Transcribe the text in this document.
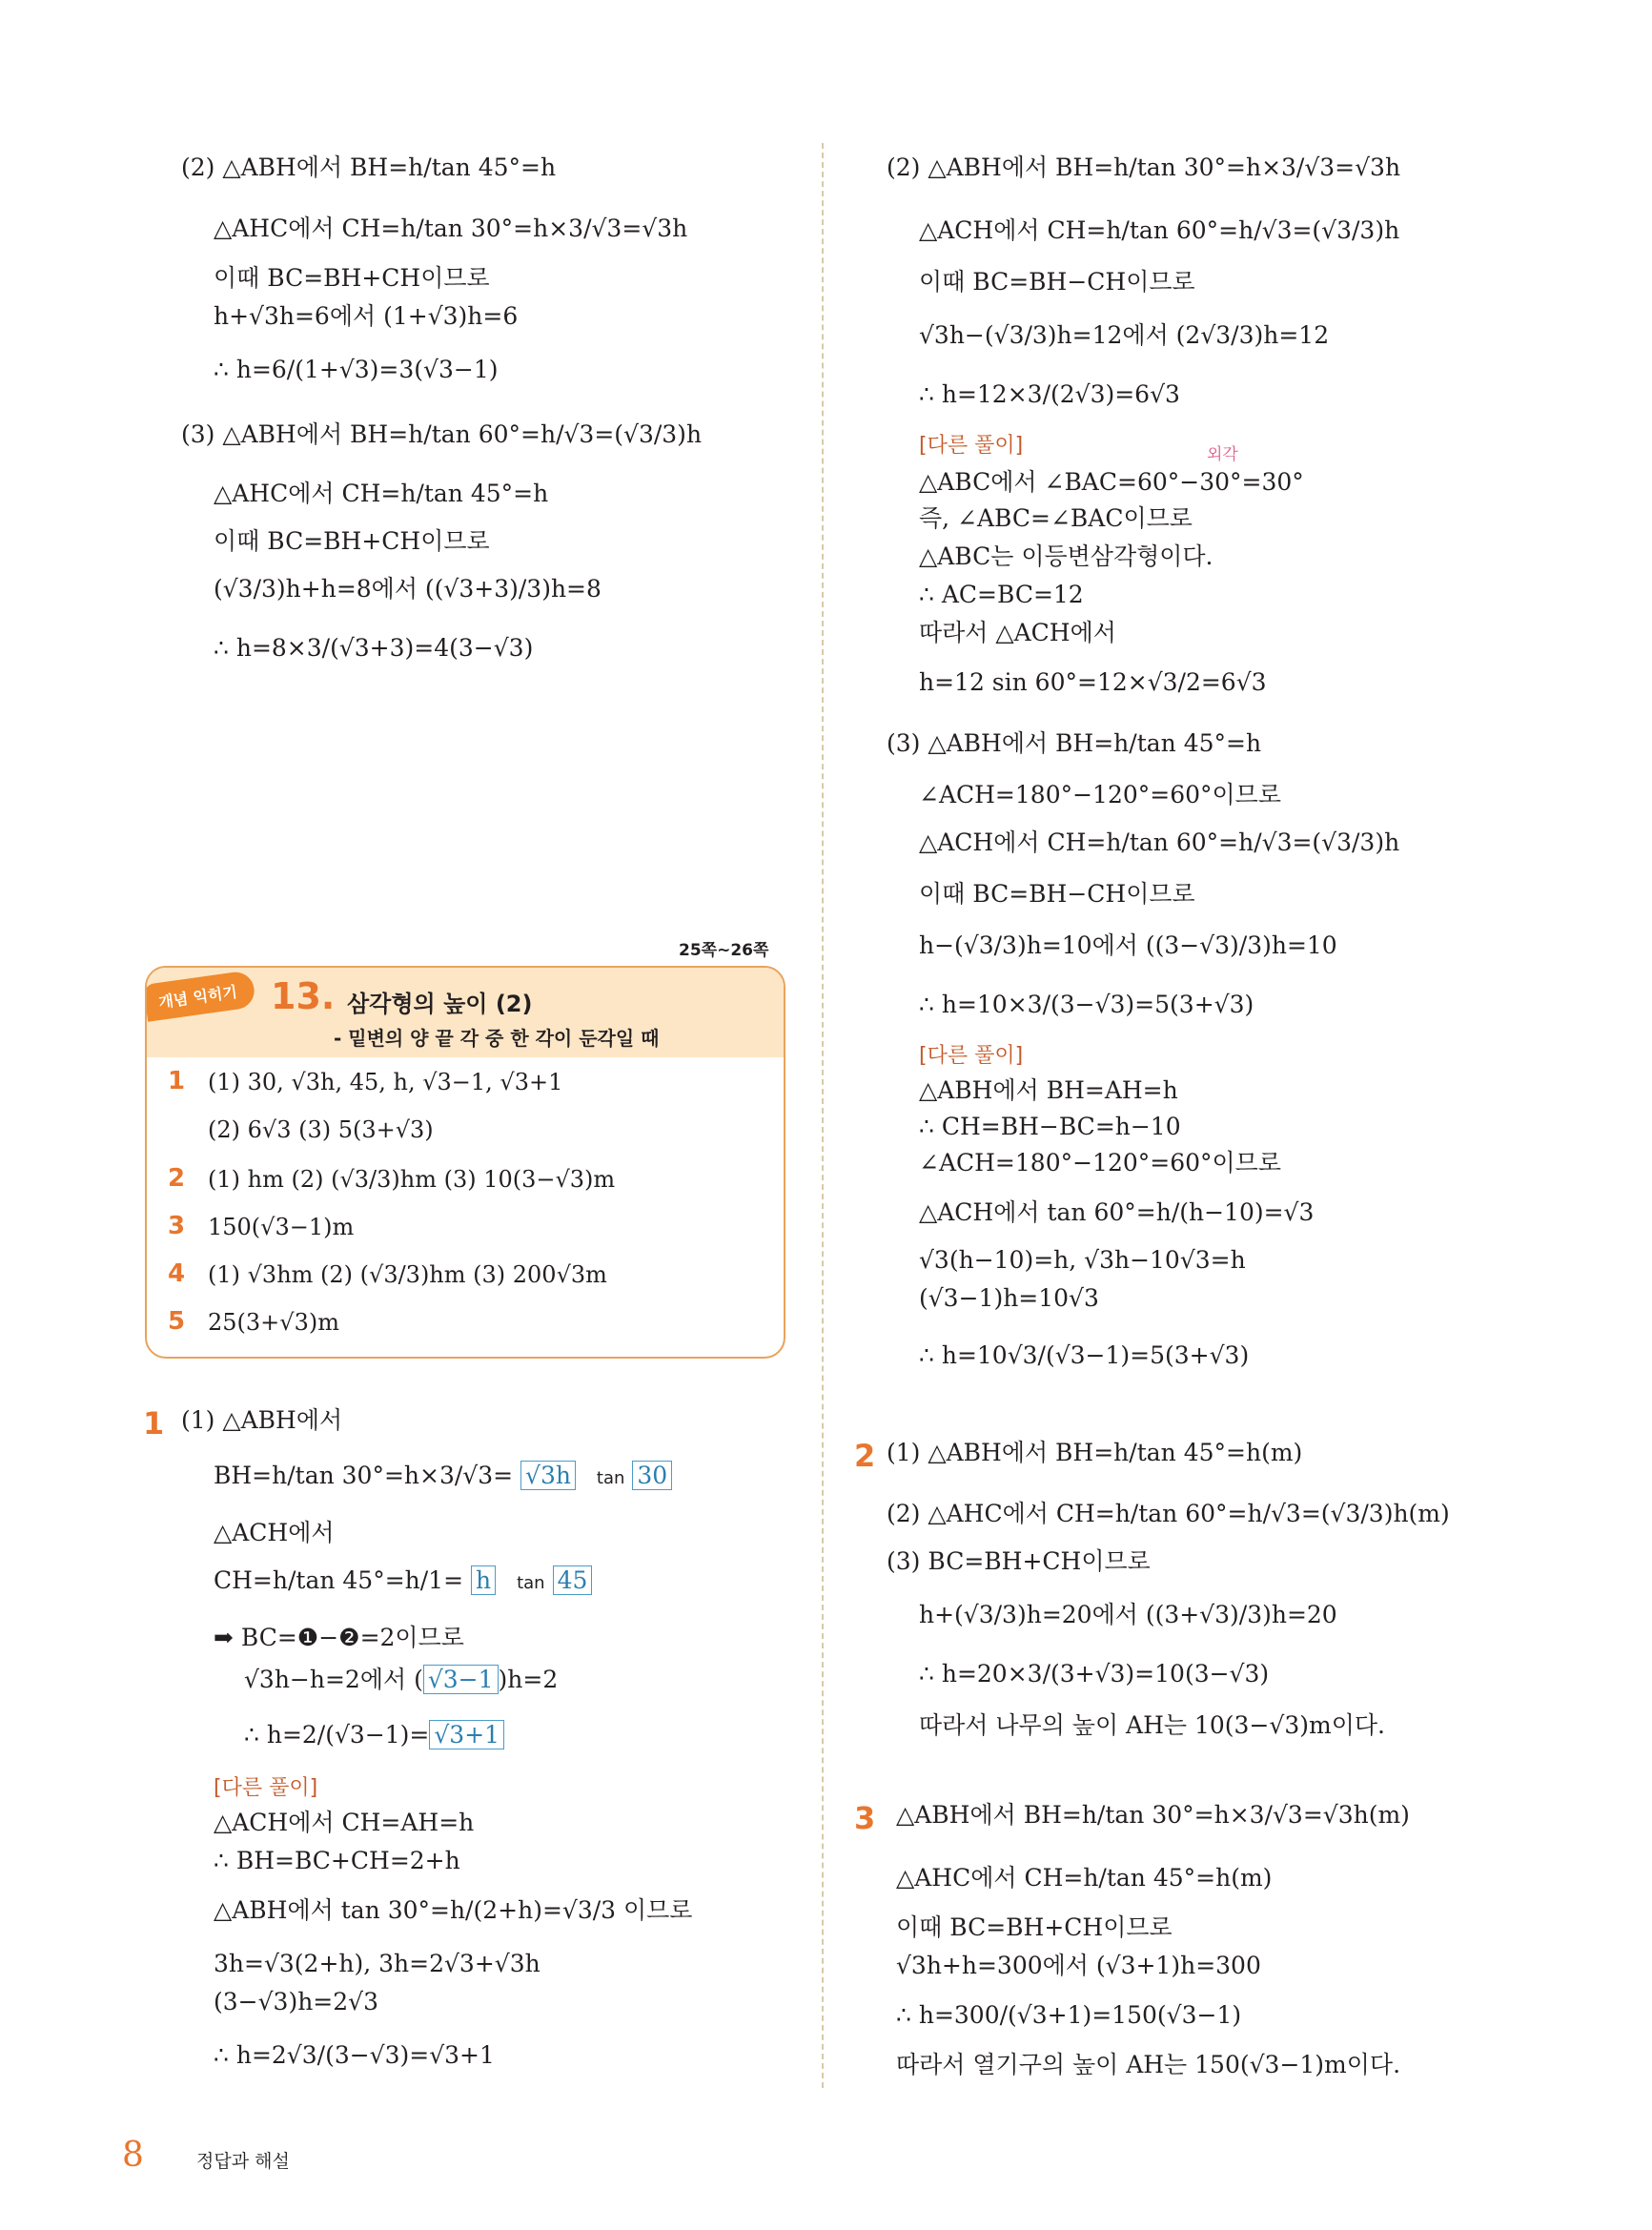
(2) △ABH에서 BH=h/tan 45°=h
△AHC에서 CH=h/tan 30°=h×3/√3=√3h
이때 BC=BH+CH이므로
h+√3h=6에서 (1+√3)h=6
∴ h=6/(1+√3)=3(√3−1)
(3) △ABH에서 BH=h/tan 60°=h/√3=(√3/3)h
△AHC에서 CH=h/tan 45°=h
이때 BC=BH+CH이므로
(√3/3)h+h=8에서 ((√3+3)/3)h=8
∴ h=8×3/(√3+3)=4(3−√3)
25쪽~26쪽
개념 익히기 13. 삼각형의 높이 (2)
- 밑변의 양 끝 각 중 한 각이 둔각일 때
1 (1) 30, √3h, 45, h, √3−1, √3+1
(2) 6√3 (3) 5(3+√3)
2 (1) hm (2) (√3/3)hm (3) 10(3−√3)m
3 150(√3−1)m
4 (1) √3hm (2) (√3/3)hm (3) 200√3m
5 25(3+√3)m
1 (1) △ABH에서
BH=h/tan 30°=h×3/√3= √3h tan 30
△ACH에서
CH=h/tan 45°=h/1= h tan 45
➡ BC=❶−❷=2이므로
√3h−h=2에서 ( √3−1 )h=2
∴ h=2/(√3−1)= √3+1
[다른 풀이]
△ACH에서 CH=AH=h
∴ BH=BC+CH=2+h
△ABH에서 tan 30°=h/(2+h)=√3/3 이므로
3h=√3(2+h), 3h=2√3+√3h
(3−√3)h=2√3
∴ h=2√3/(3−√3)=√3+1
(2) △ABH에서 BH=h/tan 30°=h×3/√3=√3h
△ACH에서 CH=h/tan 60°=h/√3=(√3/3)h
이때 BC=BH−CH이므로
√3h−(√3/3)h=12에서 (2√3/3)h=12
∴ h=12×3/(2√3)=6√3
[다른 풀이]	외각
△ABC에서 ∠BAC=60°−30°=30°
즉, ∠ABC=∠BAC이므로
△ABC는 이등변삼각형이다.
∴ AC=BC=12
따라서 △ACH에서
h=12 sin 60°=12×√3/2=6√3
(3) △ABH에서 BH=h/tan 45°=h
∠ACH=180°−120°=60°이므로
△ACH에서 CH=h/tan 60°=h/√3=(√3/3)h
이때 BC=BH−CH이므로
h−(√3/3)h=10에서 ((3−√3)/3)h=10
∴ h=10×3/(3−√3)=5(3+√3)
[다른 풀이]
△ABH에서 BH=AH=h
∴ CH=BH−BC=h−10
∠ACH=180°−120°=60°이므로
△ACH에서 tan 60°=h/(h−10)=√3
√3(h−10)=h, √3h−10√3=h
(√3−1)h=10√3
∴ h=10√3/(√3−1)=5(3+√3)
2 (1) △ABH에서 BH=h/tan 45°=h(m)
(2) △AHC에서 CH=h/tan 60°=h/√3=(√3/3)h(m)
(3) BC=BH+CH이므로
h+(√3/3)h=20에서 ((3+√3)/3)h=20
∴ h=20×3/(3+√3)=10(3−√3)
따라서 나무의 높이 AH는 10(3−√3)m이다.
3 △ABH에서 BH=h/tan 30°=h×3/√3=√3h(m)
△AHC에서 CH=h/tan 45°=h(m)
이때 BC=BH+CH이므로
√3h+h=300에서 (√3+1)h=300
∴ h=300/(√3+1)=150(√3−1)
따라서 열기구의 높이 AH는 150(√3−1)m이다.
8	정답과 해설
